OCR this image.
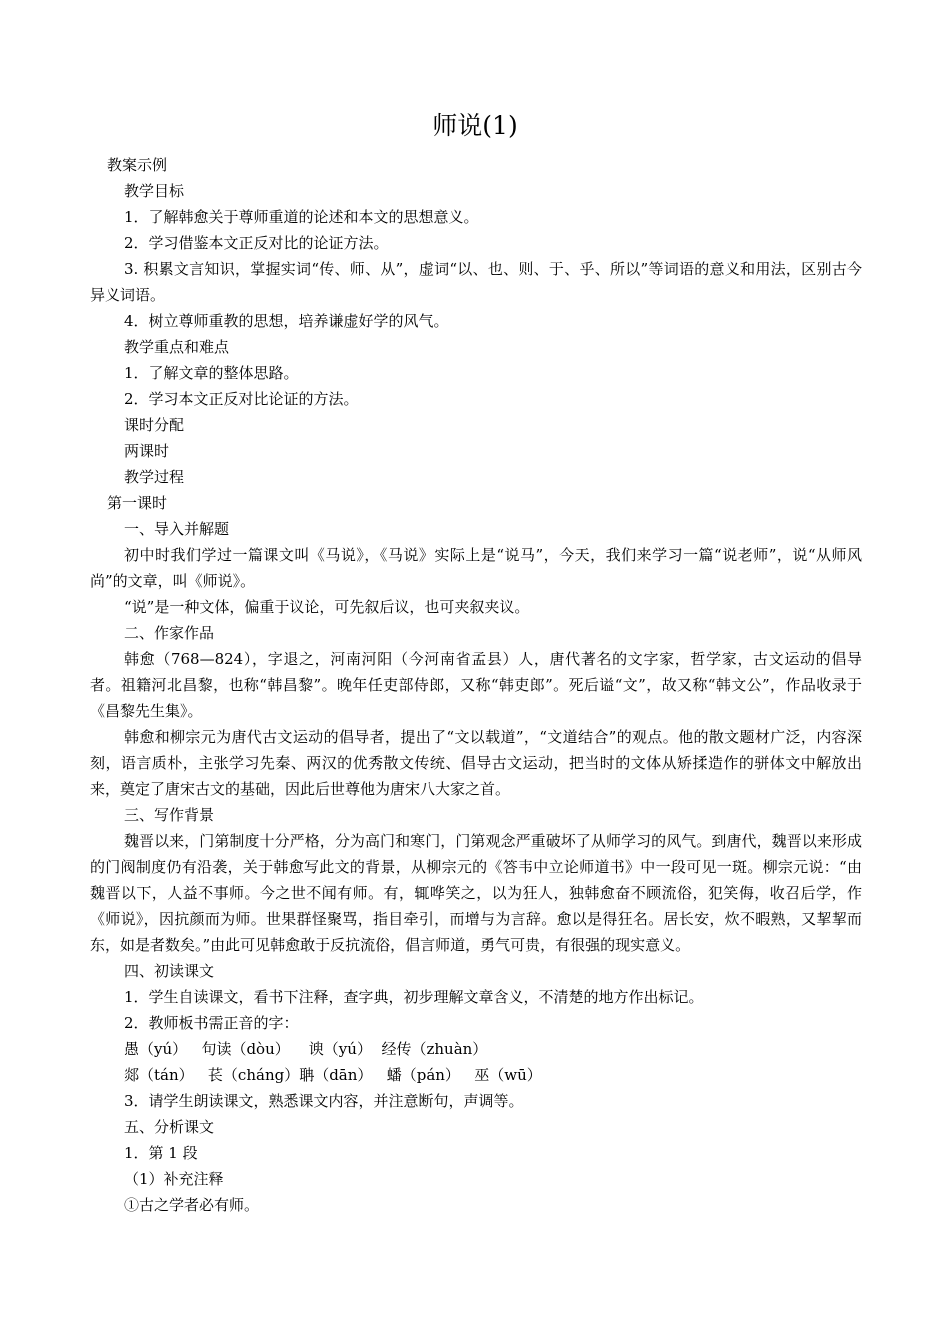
师说(1)

教案示例

教学目标

1．了解韩愈关于尊师重道的论述和本文的思想意义。

2．学习借鉴本文正反对比的论证方法。

3. 积累文言知识，掌握实词“传、师、从”，虚词“以、也、则、于、乎、所以”等词语的意义和用法，区别古今异义词语。

4．树立尊师重教的思想，培养谦虚好学的风气。

教学重点和难点

1．了解文章的整体思路。

2．学习本文正反对比论证的方法。

课时分配

两课时

教学过程

第一课时

一、导入并解题

初中时我们学过一篇课文叫《马说》，《马说》实际上是“说马”，今天，我们来学习一篇“说老师”，说“从师风尚”的文章，叫《师说》。

“说”是一种文体，偏重于议论，可先叙后议，也可夹叙夹议。

二、作家作品

韩愈（768—824），字退之，河南河阳（今河南省孟县）人，唐代著名的文字家，哲学家，古文运动的倡导者。祖籍河北昌黎，也称“韩昌黎”。晚年任吏部侍郎，又称“韩吏郎”。死后谥“文”，故又称“韩文公”，作品收录于《昌黎先生集》。

韩愈和柳宗元为唐代古文运动的倡导者，提出了“文以载道”，“文道结合”的观点。他的散文题材广泛，内容深刻，语言质朴，主张学习先秦、两汉的优秀散文传统、倡导古文运动，把当时的文体从矫揉造作的骈体文中解放出来，奠定了唐宋古文的基础，因此后世尊他为唐宋八大家之首。

三、写作背景

魏晋以来，门第制度十分严格，分为高门和寒门，门第观念严重破坏了从师学习的风气。到唐代，魏晋以来形成的门阀制度仍有沿袭，关于韩愈写此文的背景，从柳宗元的《答韦中立论师道书》中一段可见一斑。柳宗元说：“由魏晋以下，人益不事师。今之世不闻有师。有，辄哗笑之，以为狂人，独韩愈奋不顾流俗，犯笑侮，收召后学，作《师说》，因抗颜而为师。世果群怪聚骂，指目牵引，而增与为言辞。愈以是得狂名。居长安，炊不暇熟，又挈挈而东，如是者数矣。”由此可见韩愈敢于反抗流俗，倡言师道，勇气可贵，有很强的现实意义。

四、初读课文

1．学生自读课文，看书下注释，查字典，初步理解文章含义，不清楚的地方作出标记。

2．教师板书需正音的字：

愚（yú）   句读（dòu）    谀（yú）  经传（zhuàn）

郯（tán）   苌（cháng）聃（dān）   蟠（pán）   巫（wū）

3．请学生朗读课文，熟悉课文内容，并注意断句，声调等。

五、分析课文

1．第 1 段

（1）补充注释

①古之学者必有师。
